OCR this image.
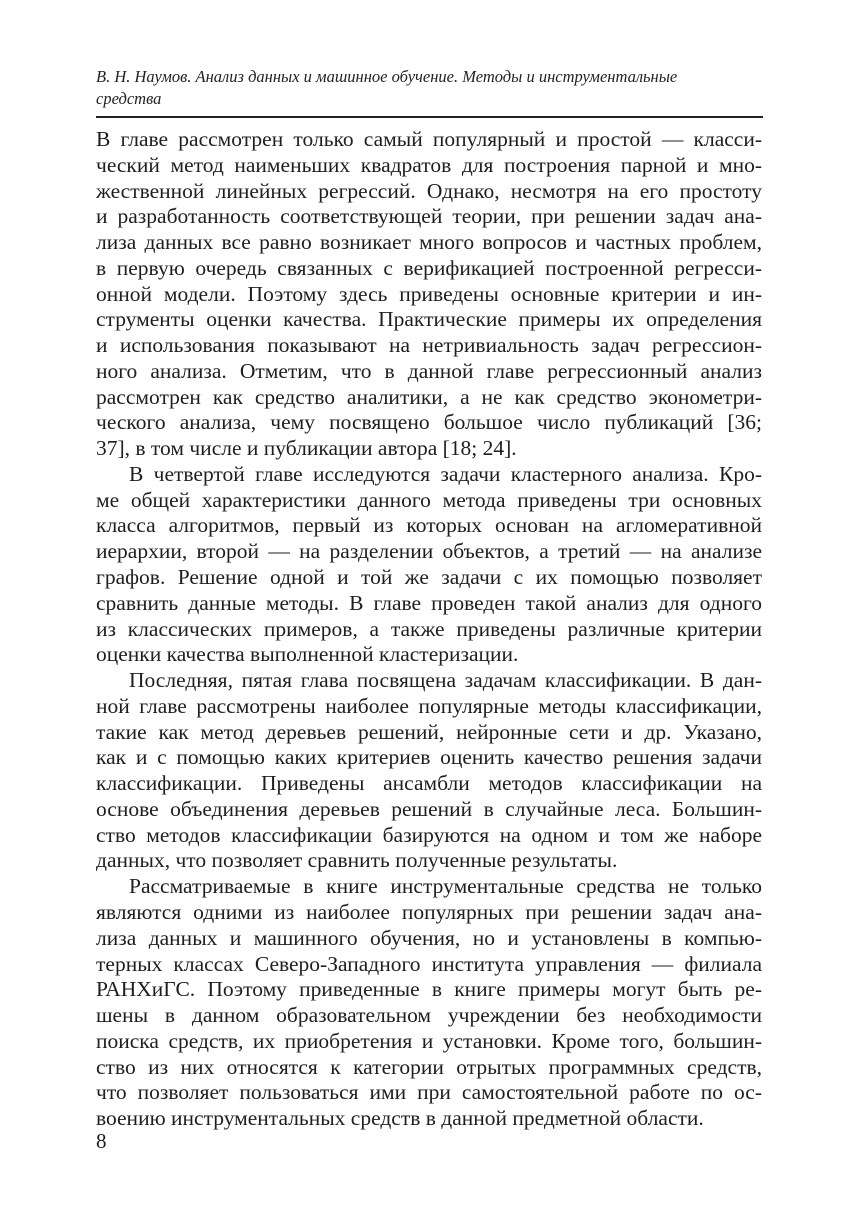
В. Н. Наумов. Анализ данных и машинное обучение. Методы и инструментальные
средства
В главе рассмотрен только самый популярный и простой — класси-
ческий метод наименьших квадратов для построения парной и мно-
жественной линейных регрессий. Однако, несмотря на его простоту
и разработанность соответствующей теории, при решении задач ана-
лиза данных все равно возникает много вопросов и частных проблем,
в первую очередь связанных с верификацией построенной регресси-
онной модели. Поэтому здесь приведены основные критерии и ин-
струменты оценки качества. Практические примеры их определения
и использования показывают на нетривиальность задач регрессион-
ного анализа. Отметим, что в данной главе регрессионный анализ
рассмотрен как средство аналитики, а не как средство эконометри-
ческого анализа, чему посвящено большое число публикаций [36;
37], в том числе и публикации автора [18; 24].
В четвертой главе исследуются задачи кластерного анализа. Кро-
ме общей характеристики данного метода приведены три основных
класса алгоритмов, первый из которых основан на агломеративной
иерархии, второй — на разделении объектов, а третий — на анализе
графов. Решение одной и той же задачи с их помощью позволяет
сравнить данные методы. В главе проведен такой анализ для одного
из классических примеров, а также приведены различные критерии
оценки качества выполненной кластеризации.
Последняя, пятая глава посвящена задачам классификации. В дан-
ной главе рассмотрены наиболее популярные методы классификации,
такие как метод деревьев решений, нейронные сети и др. Указано,
как и с помощью каких критериев оценить качество решения задачи
классификации. Приведены ансамбли методов классификации на
основе объединения деревьев решений в случайные леса. Большин-
ство методов классификации базируются на одном и том же наборе
данных, что позволяет сравнить полученные результаты.
Рассматриваемые в книге инструментальные средства не только
являются одними из наиболее популярных при решении задач ана-
лиза данных и машинного обучения, но и установлены в компью-
терных классах Северо-Западного института управления — филиала
РАНХиГС. Поэтому приведенные в книге примеры могут быть ре-
шены в данном образовательном учреждении без необходимости
поиска средств, их приобретения и установки. Кроме того, большин-
ство из них относятся к категории отрытых программных средств,
что позволяет пользоваться ими при самостоятельной работе по ос-
воению инструментальных средств в данной предметной области.
8
